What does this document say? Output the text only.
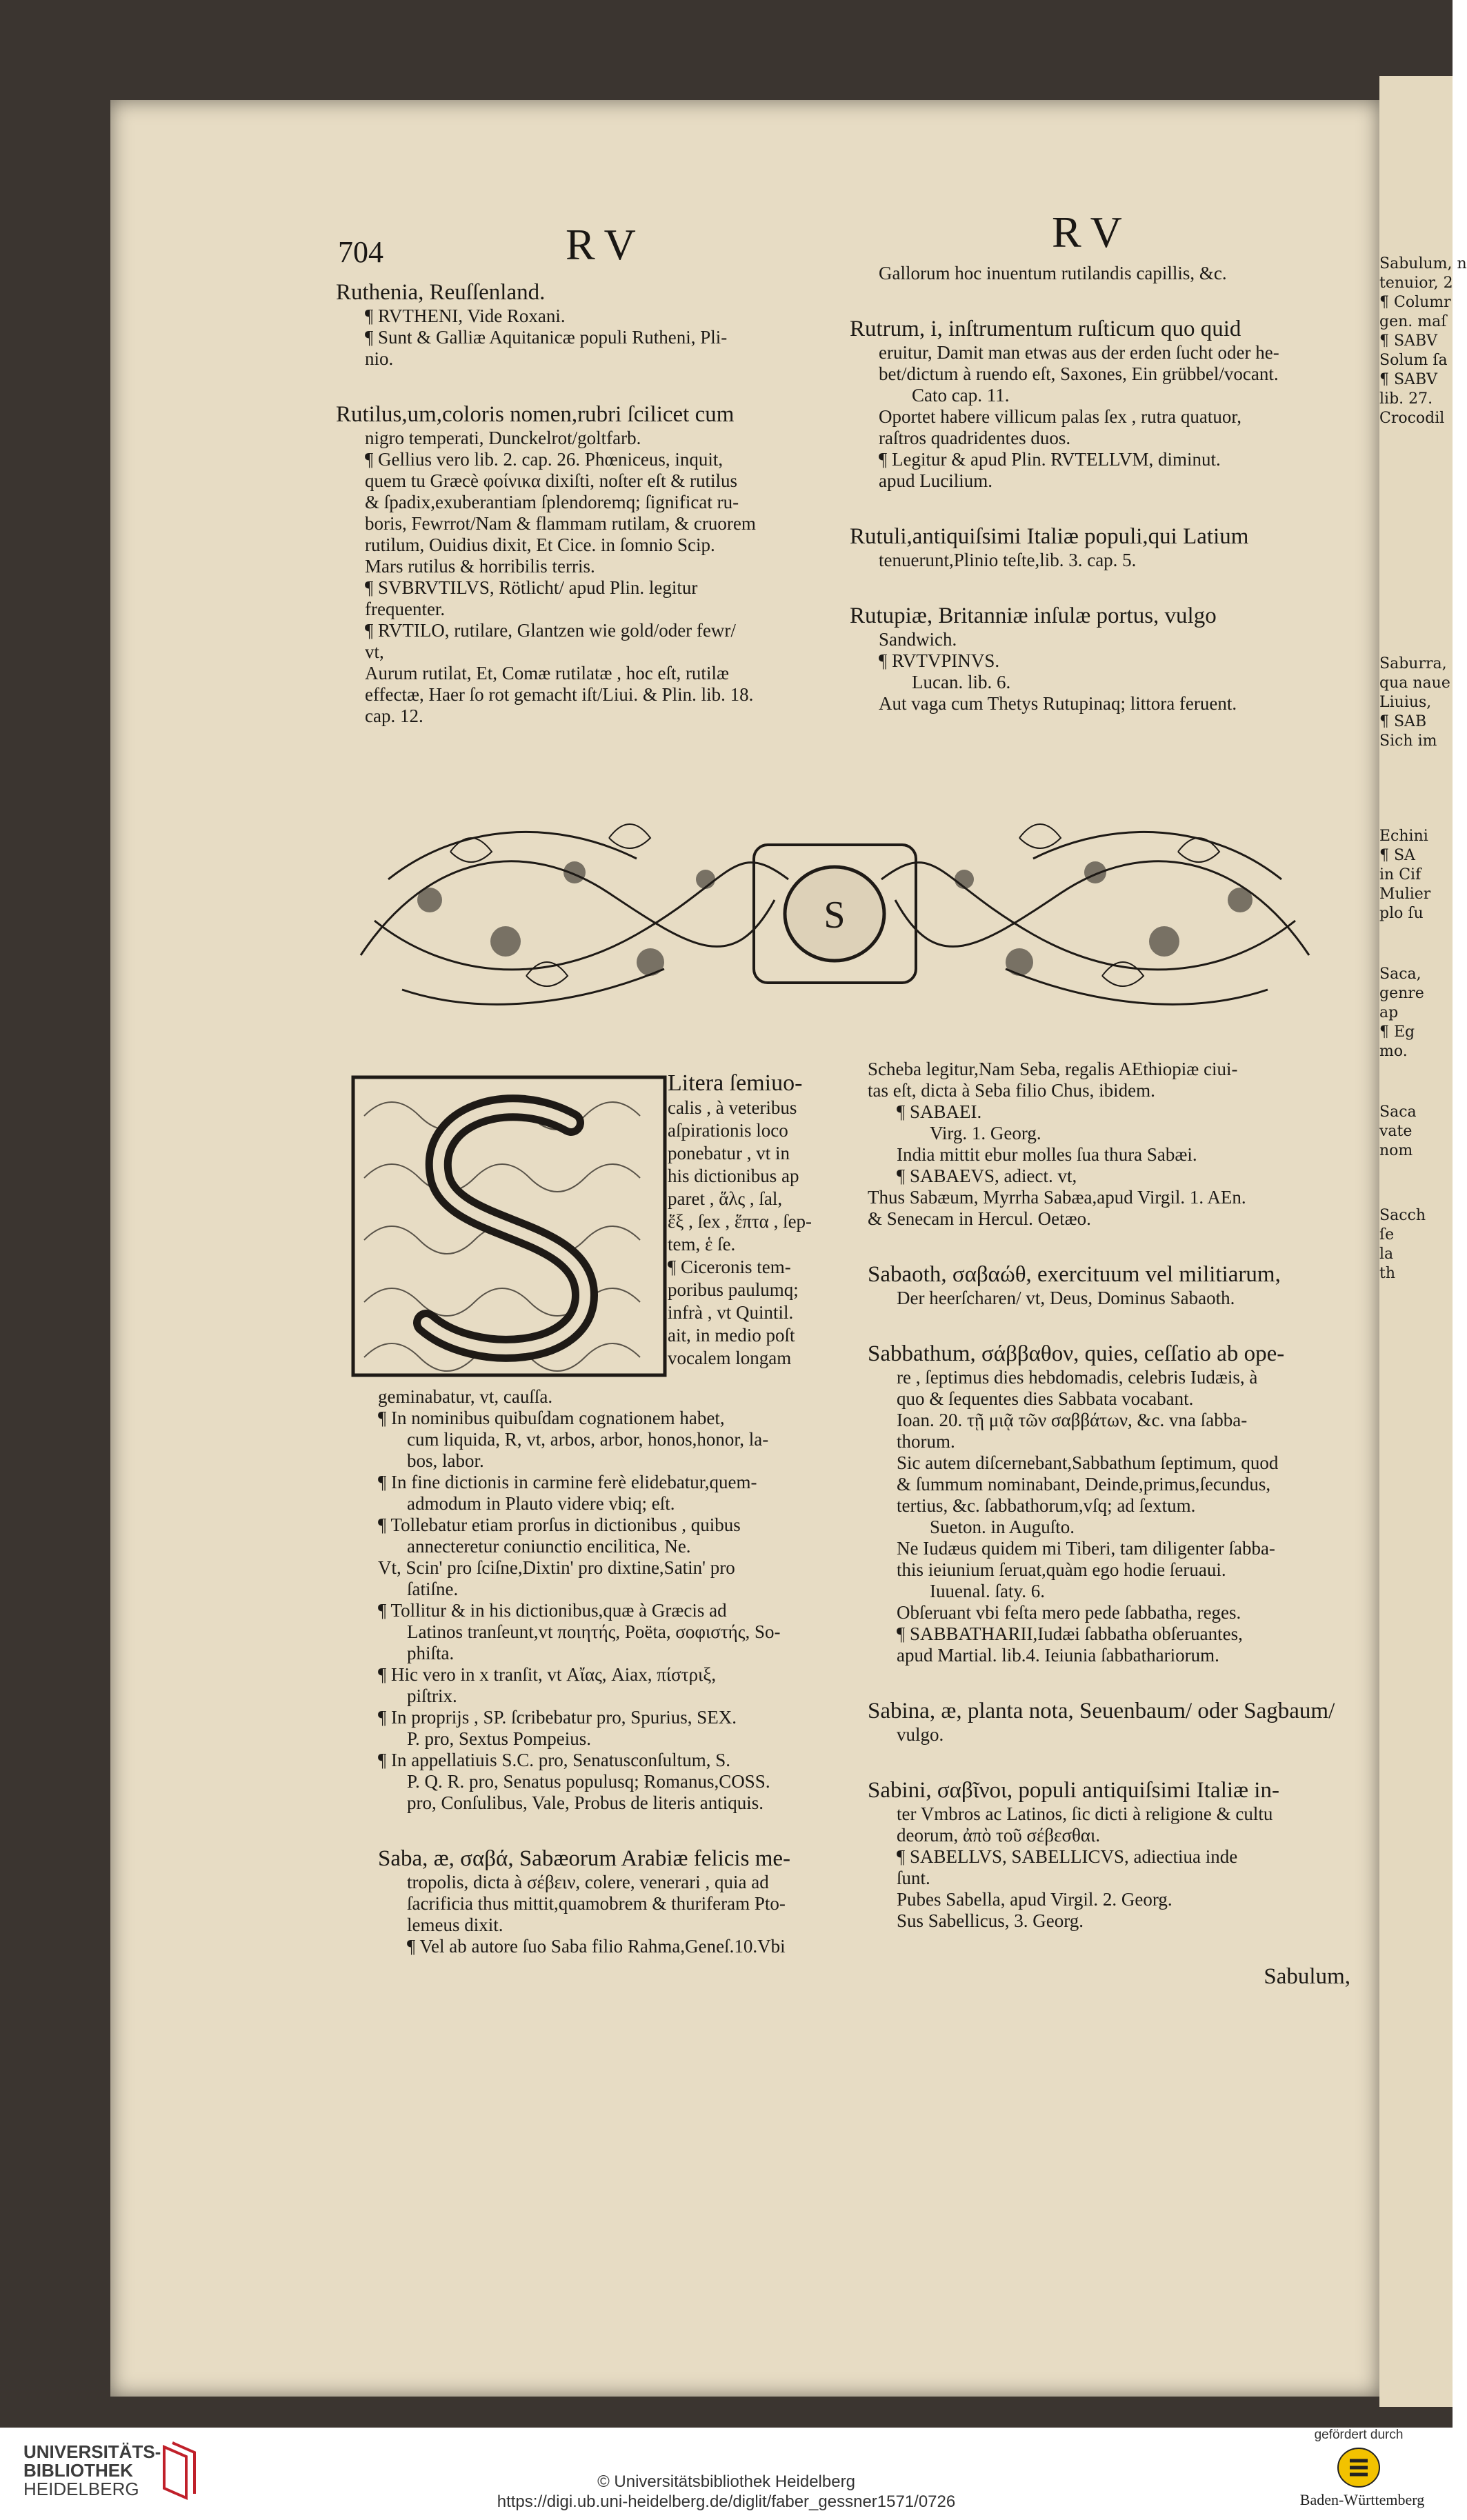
Sabulum, n
tenuior, 2
¶ Columr
gen. maſ
¶ SABV
Solum ſa
¶ SABV
lib. 27.
Crocodil
Saburra,
qua naue
Liuius,
¶ SAB
Sich im
Echini
¶ SA
in Cif
Mulier
plo ſu
Saca,
genre
ap
¶ Eg
mo.
Saca
vate
nom
Sacch
ſe
la
th
704	RV	RV
Ruthenia, Reuſſenland.
¶ RVTHENI, Vide Roxani.
¶ Sunt & Galliæ Aquitanicæ populi Rutheni, Pli-
nio.
Rutilus,um,coloris nomen,rubri ſcilicet cum
nigro temperati, Dunckelrot/goltfarb.
¶ Gellius vero lib. 2. cap. 26. Phœniceus, inquit,
quem tu Græcè φοίνικα dixiſti, noſter eſt & rutilus
& ſpadix,exuberantiam ſplendoremq; ſignificat ru-
boris, Fewrrot/Nam & flammam rutilam, & cruorem
rutilum, Ouidius dixit, Et Cice. in ſomnio Scip.
Mars rutilus & horribilis terris.
¶ SVBRVTILVS, Rötlicht/ apud Plin. legitur
frequenter.
¶ RVTILO, rutilare, Glantzen wie gold/oder fewr/
vt,
Aurum rutilat, Et, Comæ rutilatæ , hoc eſt, rutilæ
effectæ, Haer ſo rot gemacht iſt/Liui. & Plin. lib. 18.
cap. 12.
Gallorum hoc inuentum rutilandis capillis, &c.
Rutrum, i, inſtrumentum ruſticum quo quid
eruitur, Damit man etwas aus der erden ſucht oder he-
bet/dictum à ruendo eſt, Saxones, Ein grübbel/vocant.
Cato cap. 11.
Oportet habere villicum palas ſex , rutra quatuor,
raſtros quadridentes duos.
¶ Legitur & apud Plin. RVTELLVM, diminut.
apud Lucilium.
Rutuli,antiquiſsimi Italiæ populi,qui Latium
tenuerunt,Plinio teſte,lib. 3. cap. 5.
Rutupiæ, Britanniæ inſulæ portus, vulgo
Sandwich.
¶ RVTVPINVS.
Lucan. lib. 6.
Aut vaga cum Thetys Rutupinaq; littora feruent.
S
Litera ſemiuo-
calis , à veteribus
aſpirationis loco
ponebatur , vt in
his dictionibus ap
paret , ἅλς , ſal,
ἕξ , ſex , ἕπτα , ſep-
tem, ἑ ſe.
¶ Ciceronis tem-
poribus paulumq;
infrà , vt Quintil.
ait, in medio poſt
vocalem longam
geminabatur, vt, cauſſa.
¶ In nominibus quibuſdam cognationem habet,
cum liquida, R, vt, arbos, arbor, honos,honor, la-
bos, labor.
¶ In fine dictionis in carmine ferè elidebatur,quem-
admodum in Plauto videre vbiq; eſt.
¶ Tollebatur etiam prorſus in dictionibus , quibus
annecteretur coniunctio encilitica, Ne.
Vt, Scin' pro ſciſne,Dixtin' pro dixtine,Satin' pro
ſatiſne.
¶ Tollitur & in his dictionibus,quæ à Græcis ad
Latinos tranſeunt,vt ποιητής, Poëta, σοφιστής, So-
phiſta.
¶ Hic vero in x tranſit, vt Αἴας, Aiax, πίστριξ,
piſtrix.
¶ In proprijs , SP. ſcribebatur pro, Spurius, SEX.
P. pro, Sextus Pompeius.
¶ In appellatiuis S.C. pro, Senatusconſultum, S.
P. Q. R. pro, Senatus populusq; Romanus,COSS.
pro, Conſulibus, Vale, Probus de literis antiquis.
Saba, æ, σαβά, Sabæorum Arabiæ felicis me-
tropolis, dicta à σέβειν, colere, venerari , quia ad
ſacrificia thus mittit,quamobrem & thuriferam Pto-
lemeus dixit.
¶ Vel ab autore ſuo Saba filio Rahma,Geneſ.10.Vbi
Scheba legitur,Nam Seba, regalis AEthiopiæ ciui-
tas eſt, dicta à Seba filio Chus, ibidem.
¶ SABAEI.
Virg. 1. Georg.
India mittit ebur molles ſua thura Sabæi.
¶ SABAEVS, adiect. vt,
Thus Sabæum, Myrrha Sabæa,apud Virgil. 1. AEn.
& Senecam in Hercul. Oetæo.
Sabaoth, σαβαώθ, exercituum vel militiarum,
Der heerſcharen/ vt, Deus, Dominus Sabaoth.
Sabbathum, σάββαθον, quies, ceſſatio ab ope-
re , ſeptimus dies hebdomadis, celebris Iudæis, à
quo & ſequentes dies Sabbata vocabant.
Ioan. 20. τῇ μιᾷ τῶν σαββάτων, &c. vna ſabba-
thorum.
Sic autem diſcernebant,Sabbathum ſeptimum, quod
& ſummum nominabant, Deinde,primus,ſecundus,
tertius, &c. ſabbathorum,vſq; ad ſextum.
Sueton. in Auguſto.
Ne Iudæus quidem mi Tiberi, tam diligenter ſabba-
this ieiunium ſeruat,quàm ego hodie ſeruaui.
Iuuenal. ſaty. 6.
Obſeruant vbi feſta mero pede ſabbatha, reges.
¶ SABBATHARII,Iudæi ſabbatha obſeruantes,
apud Martial. lib.4. Ieiunia ſabbathariorum.
Sabina, æ, planta nota, Seuenbaum/ oder Sagbaum/
vulgo.
Sabini, σαβῖνοι, populi antiquiſsimi Italiæ in-
ter Vmbros ac Latinos, ſic dicti à religione & cultu
deorum, ἀπὸ τοῦ σέβεσθαι.
¶ SABELLVS, SABELLICVS, adiectiua inde
ſunt.
Pubes Sabella, apud Virgil. 2. Georg.
Sus Sabellicus, 3. Georg.
Sabulum,
UNIVERSITÄTS-
BIBLIOTHEK
HEIDELBERG	© Universitätsbibliothek Heidelberg
https://digi.ub.uni-heidelberg.de/diglit/faber_gessner1571/0726
gefördert durch
Baden-Württemberg
